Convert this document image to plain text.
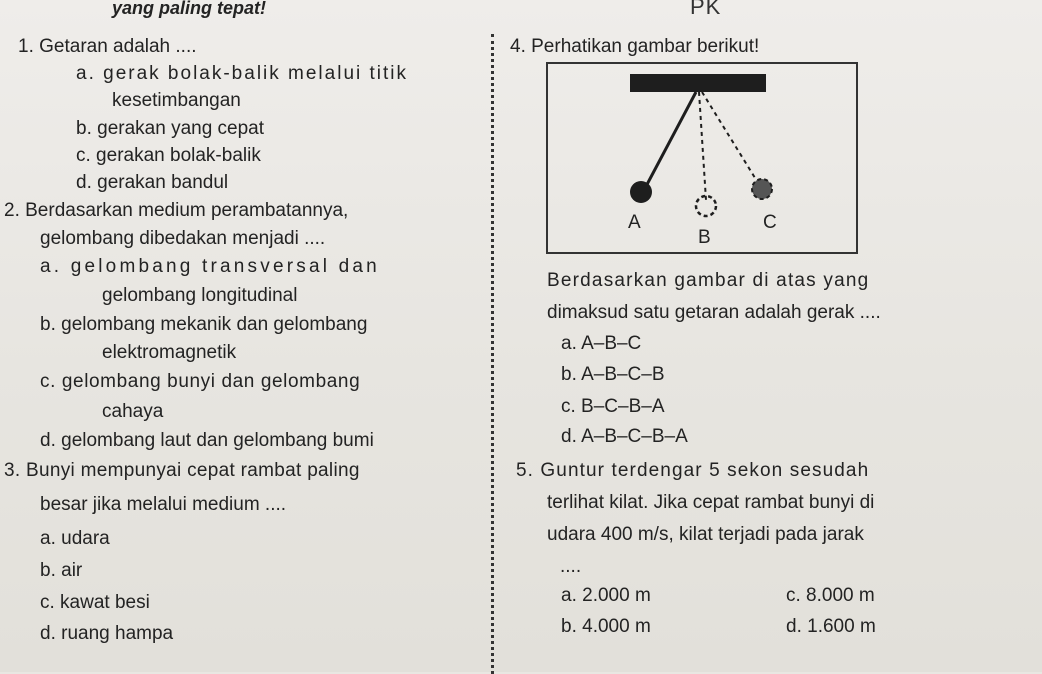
yang paling tepat!	PK
1. Getaran adalah ....
a. gerak bolak-balik melalui titik
kesetimbangan
b. gerakan yang cepat
c. gerakan bolak-balik
d. gerakan bandul
2. Berdasarkan medium perambatannya,
gelombang dibedakan menjadi ....
a. gelombang transversal dan
gelombang longitudinal
b. gelombang mekanik dan gelombang
elektromagnetik
c. gelombang bunyi dan gelombang
cahaya
d. gelombang laut dan gelombang bumi
3. Bunyi mempunyai cepat rambat paling
besar jika melalui medium ....
a. udara
b. air
c. kawat besi
d. ruang hampa
4. Perhatikan gambar berikut!
A
B
C
Berdasarkan gambar di atas yang
dimaksud satu getaran adalah gerak ....
a. A–B–C
b. A–B–C–B
c. B–C–B–A
d. A–B–C–B–A
5. Guntur terdengar 5 sekon sesudah
terlihat kilat. Jika cepat rambat bunyi di
udara 400 m/s, kilat terjadi pada jarak
....
a. 2.000 m
b. 4.000 m
c. 8.000 m
d. 1.600 m
